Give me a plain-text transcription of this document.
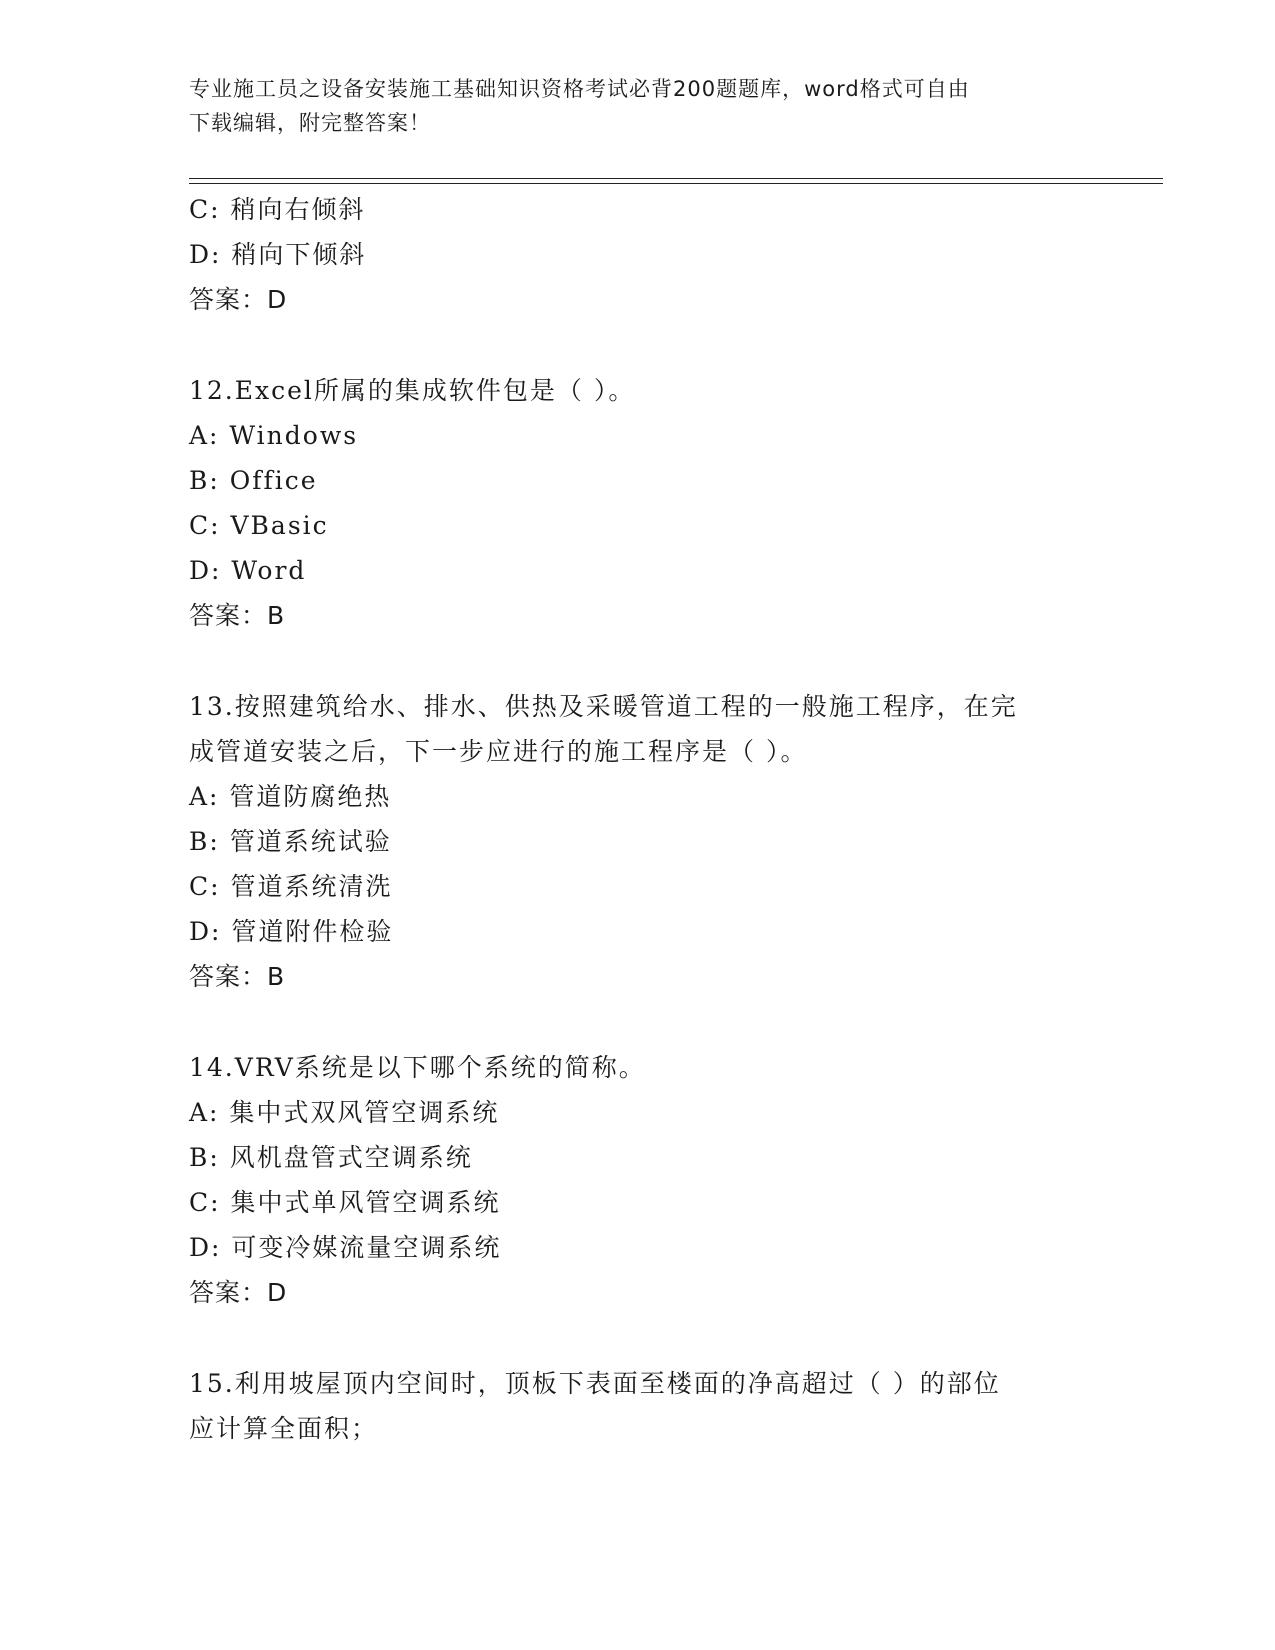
专业施工员之设备安装施工基础知识资格考试必背200题题库，word格式可自由
下载编辑，附完整答案！
C: 稍向右倾斜
D: 稍向下倾斜
答案：D
12.Excel所属的集成软件包是（ ）。
A: Windows
B: Office
C: VBasic
D: Word
答案：B
13.按照建筑给水、排水、供热及采暖管道工程的一般施工程序，在完
成管道安装之后，下一步应进行的施工程序是（ ）。
A: 管道防腐绝热
B: 管道系统试验
C: 管道系统清洗
D: 管道附件检验
答案：B
14.VRV系统是以下哪个系统的简称。
A: 集中式双风管空调系统
B: 风机盘管式空调系统
C: 集中式单风管空调系统
D: 可变冷媒流量空调系统
答案：D
15.利用坡屋顶内空间时，顶板下表面至楼面的净高超过（ ）的部位
应计算全面积；
